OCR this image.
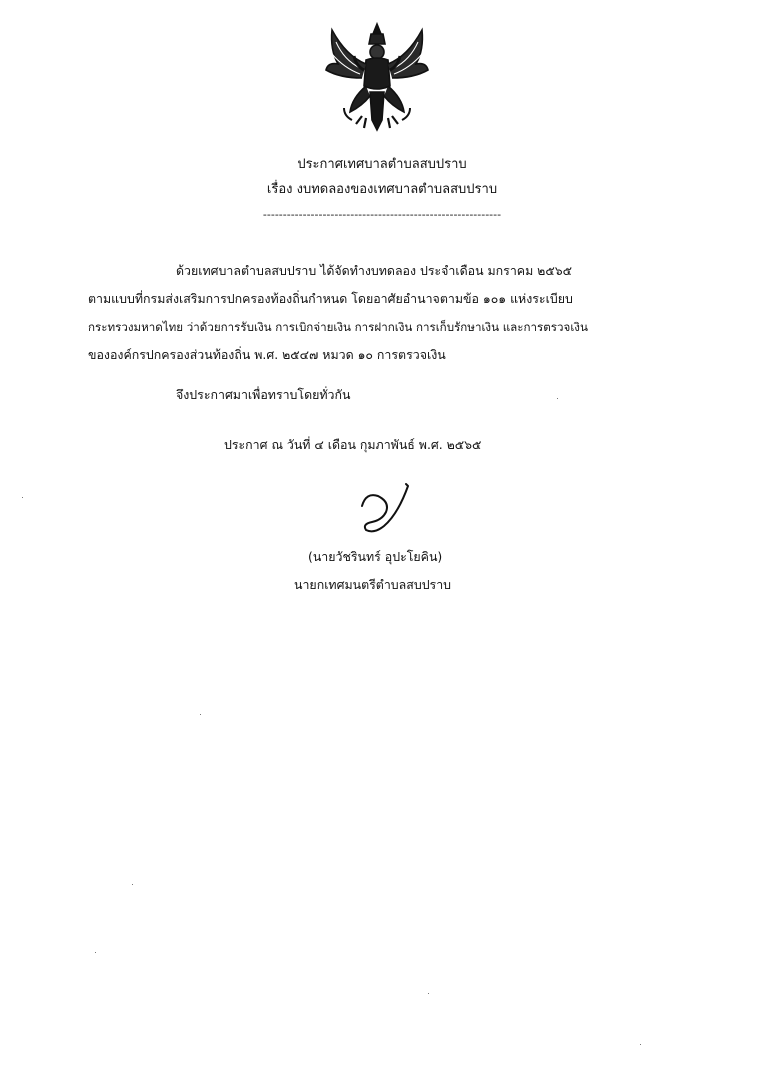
ประกาศเทศบาลตำบลสบปราบ
เรื่อง งบทดลองของเทศบาลตำบลสบปราบ
------------------------------------------------------------
ด้วยเทศบาลตำบลสบปราบ ได้จัดทำงบทดลอง ประจำเดือน มกราคม ๒๕๖๕
ตามแบบที่กรมส่งเสริมการปกครองท้องถิ่นกำหนด โดยอาศัยอำนาจตามข้อ ๑๐๑ แห่งระเบียบ
กระทรวงมหาดไทย ว่าด้วยการรับเงิน การเบิกจ่ายเงิน การฝากเงิน การเก็บรักษาเงิน และการตรวจเงิน
ขององค์กรปกครองส่วนท้องถิ่น พ.ศ. ๒๕๔๗ หมวด ๑๐ การตรวจเงิน
จึงประกาศมาเพื่อทราบโดยทั่วกัน
ประกาศ ณ วันที่ ๔ เดือน กุมภาพันธ์ พ.ศ. ๒๕๖๕
(นายวัชรินทร์ อุปะโยคิน)
นายกเทศมนตรีตำบลสบปราบ
